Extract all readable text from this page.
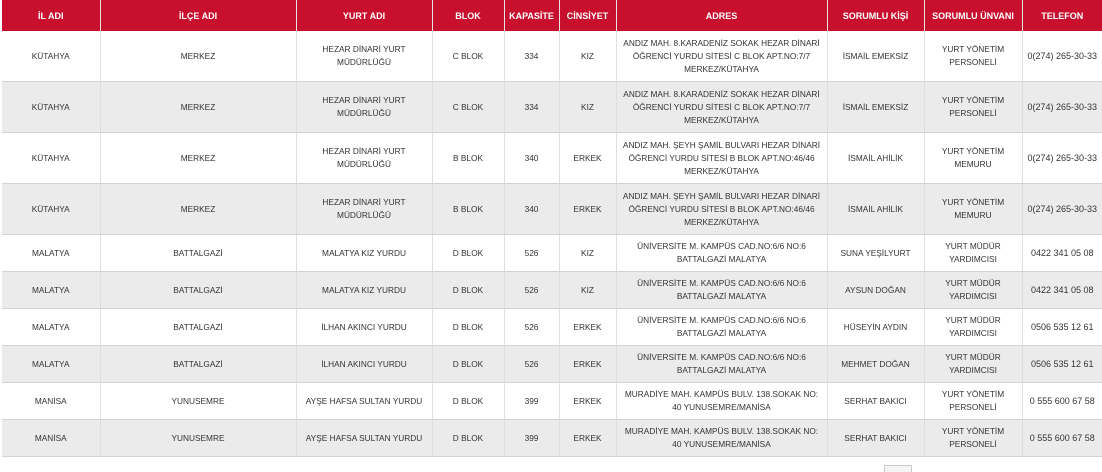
İL ADI	İLÇE ADI	YURT ADI	BLOK	KAPASİTE	CİNSİYET	ADRES	SORUMLU KİŞİ	SORUMLU ÜNVANI	TELEFON
KÜTAHYA	MERKEZ	HEZAR DİNARİ YURT MÜDÜRLÜĞÜ	C BLOK	334	KIZ	ANDIZ MAH. 8.KARADENİZ SOKAK HEZAR DİNARİ ÖĞRENCİ YURDU SİTESİ C BLOK APT.NO:7/7 MERKEZ/KÜTAHYA	İSMAİL EMEKSİZ	YURT YÖNETİM PERSONELİ	0(274) 265-30-33
KÜTAHYA	MERKEZ	HEZAR DİNARİ YURT MÜDÜRLÜĞÜ	C BLOK	334	KIZ	ANDIZ MAH. 8.KARADENİZ SOKAK HEZAR DİNARİ ÖĞRENCİ YURDU SİTESİ C BLOK APT.NO:7/7 MERKEZ/KÜTAHYA	İSMAİL EMEKSİZ	YURT YÖNETİM PERSONELİ	0(274) 265-30-33
KÜTAHYA	MERKEZ	HEZAR DİNARİ YURT MÜDÜRLÜĞÜ	B BLOK	340	ERKEK	ANDIZ MAH. ŞEYH ŞAMİL BULVARI HEZAR DİNARİ ÖĞRENCİ YURDU SİTESİ B BLOK APT.NO:46/46 MERKEZ/KÜTAHYA	İSMAİL AHİLİK	YURT YÖNETİM MEMURU	0(274) 265-30-33
KÜTAHYA	MERKEZ	HEZAR DİNARİ YURT MÜDÜRLÜĞÜ	B BLOK	340	ERKEK	ANDIZ MAH. ŞEYH ŞAMİL BULVARI HEZAR DİNARİ ÖĞRENCİ YURDU SİTESİ B BLOK APT.NO:46/46 MERKEZ/KÜTAHYA	İSMAİL AHİLİK	YURT YÖNETİM MEMURU	0(274) 265-30-33
MALATYA	BATTALGAZİ	MALATYA KIZ YURDU	D BLOK	526	KIZ	ÜNİVERSİTE M. KAMPÜS CAD.NO:6/6 NO:6 BATTALGAZİ MALATYA	SUNA YEŞİLYURT	YURT MÜDÜR YARDIMCISI	0422 341 05 08
MALATYA	BATTALGAZİ	MALATYA KIZ YURDU	D BLOK	526	KIZ	ÜNİVERSİTE M. KAMPÜS CAD.NO:6/6 NO:6 BATTALGAZİ MALATYA	AYSUN DOĞAN	YURT MÜDÜR YARDIMCISI	0422 341 05 08
MALATYA	BATTALGAZİ	İLHAN AKINCI YURDU	D BLOK	526	ERKEK	ÜNİVERSİTE M. KAMPÜS CAD.NO:6/6 NO:6 BATTALGAZİ MALATYA	HÜSEYİN AYDIN	YURT MÜDÜR YARDIMCISI	0506 535 12 61
MALATYA	BATTALGAZİ	İLHAN AKINCI YURDU	D BLOK	526	ERKEK	ÜNİVERSİTE M. KAMPÜS CAD.NO:6/6 NO:6 BATTALGAZİ MALATYA	MEHMET DOĞAN	YURT MÜDÜR YARDIMCISI	0506 535 12 61
MANİSA	YUNUSEMRE	AYŞE HAFSA SULTAN YURDU	D BLOK	399	ERKEK	MURADİYE MAH. KAMPÜS BULV. 138.SOKAK NO: 40 YUNUSEMRE/MANİSA	SERHAT BAKICI	YURT YÖNETİM PERSONELİ	0 555 600 67 58
MANİSA	YUNUSEMRE	AYŞE HAFSA SULTAN YURDU	D BLOK	399	ERKEK	MURADİYE MAH. KAMPÜS BULV. 138.SOKAK NO: 40 YUNUSEMRE/MANİSA	SERHAT BAKICI	YURT YÖNETİM PERSONELİ	0 555 600 67 58
